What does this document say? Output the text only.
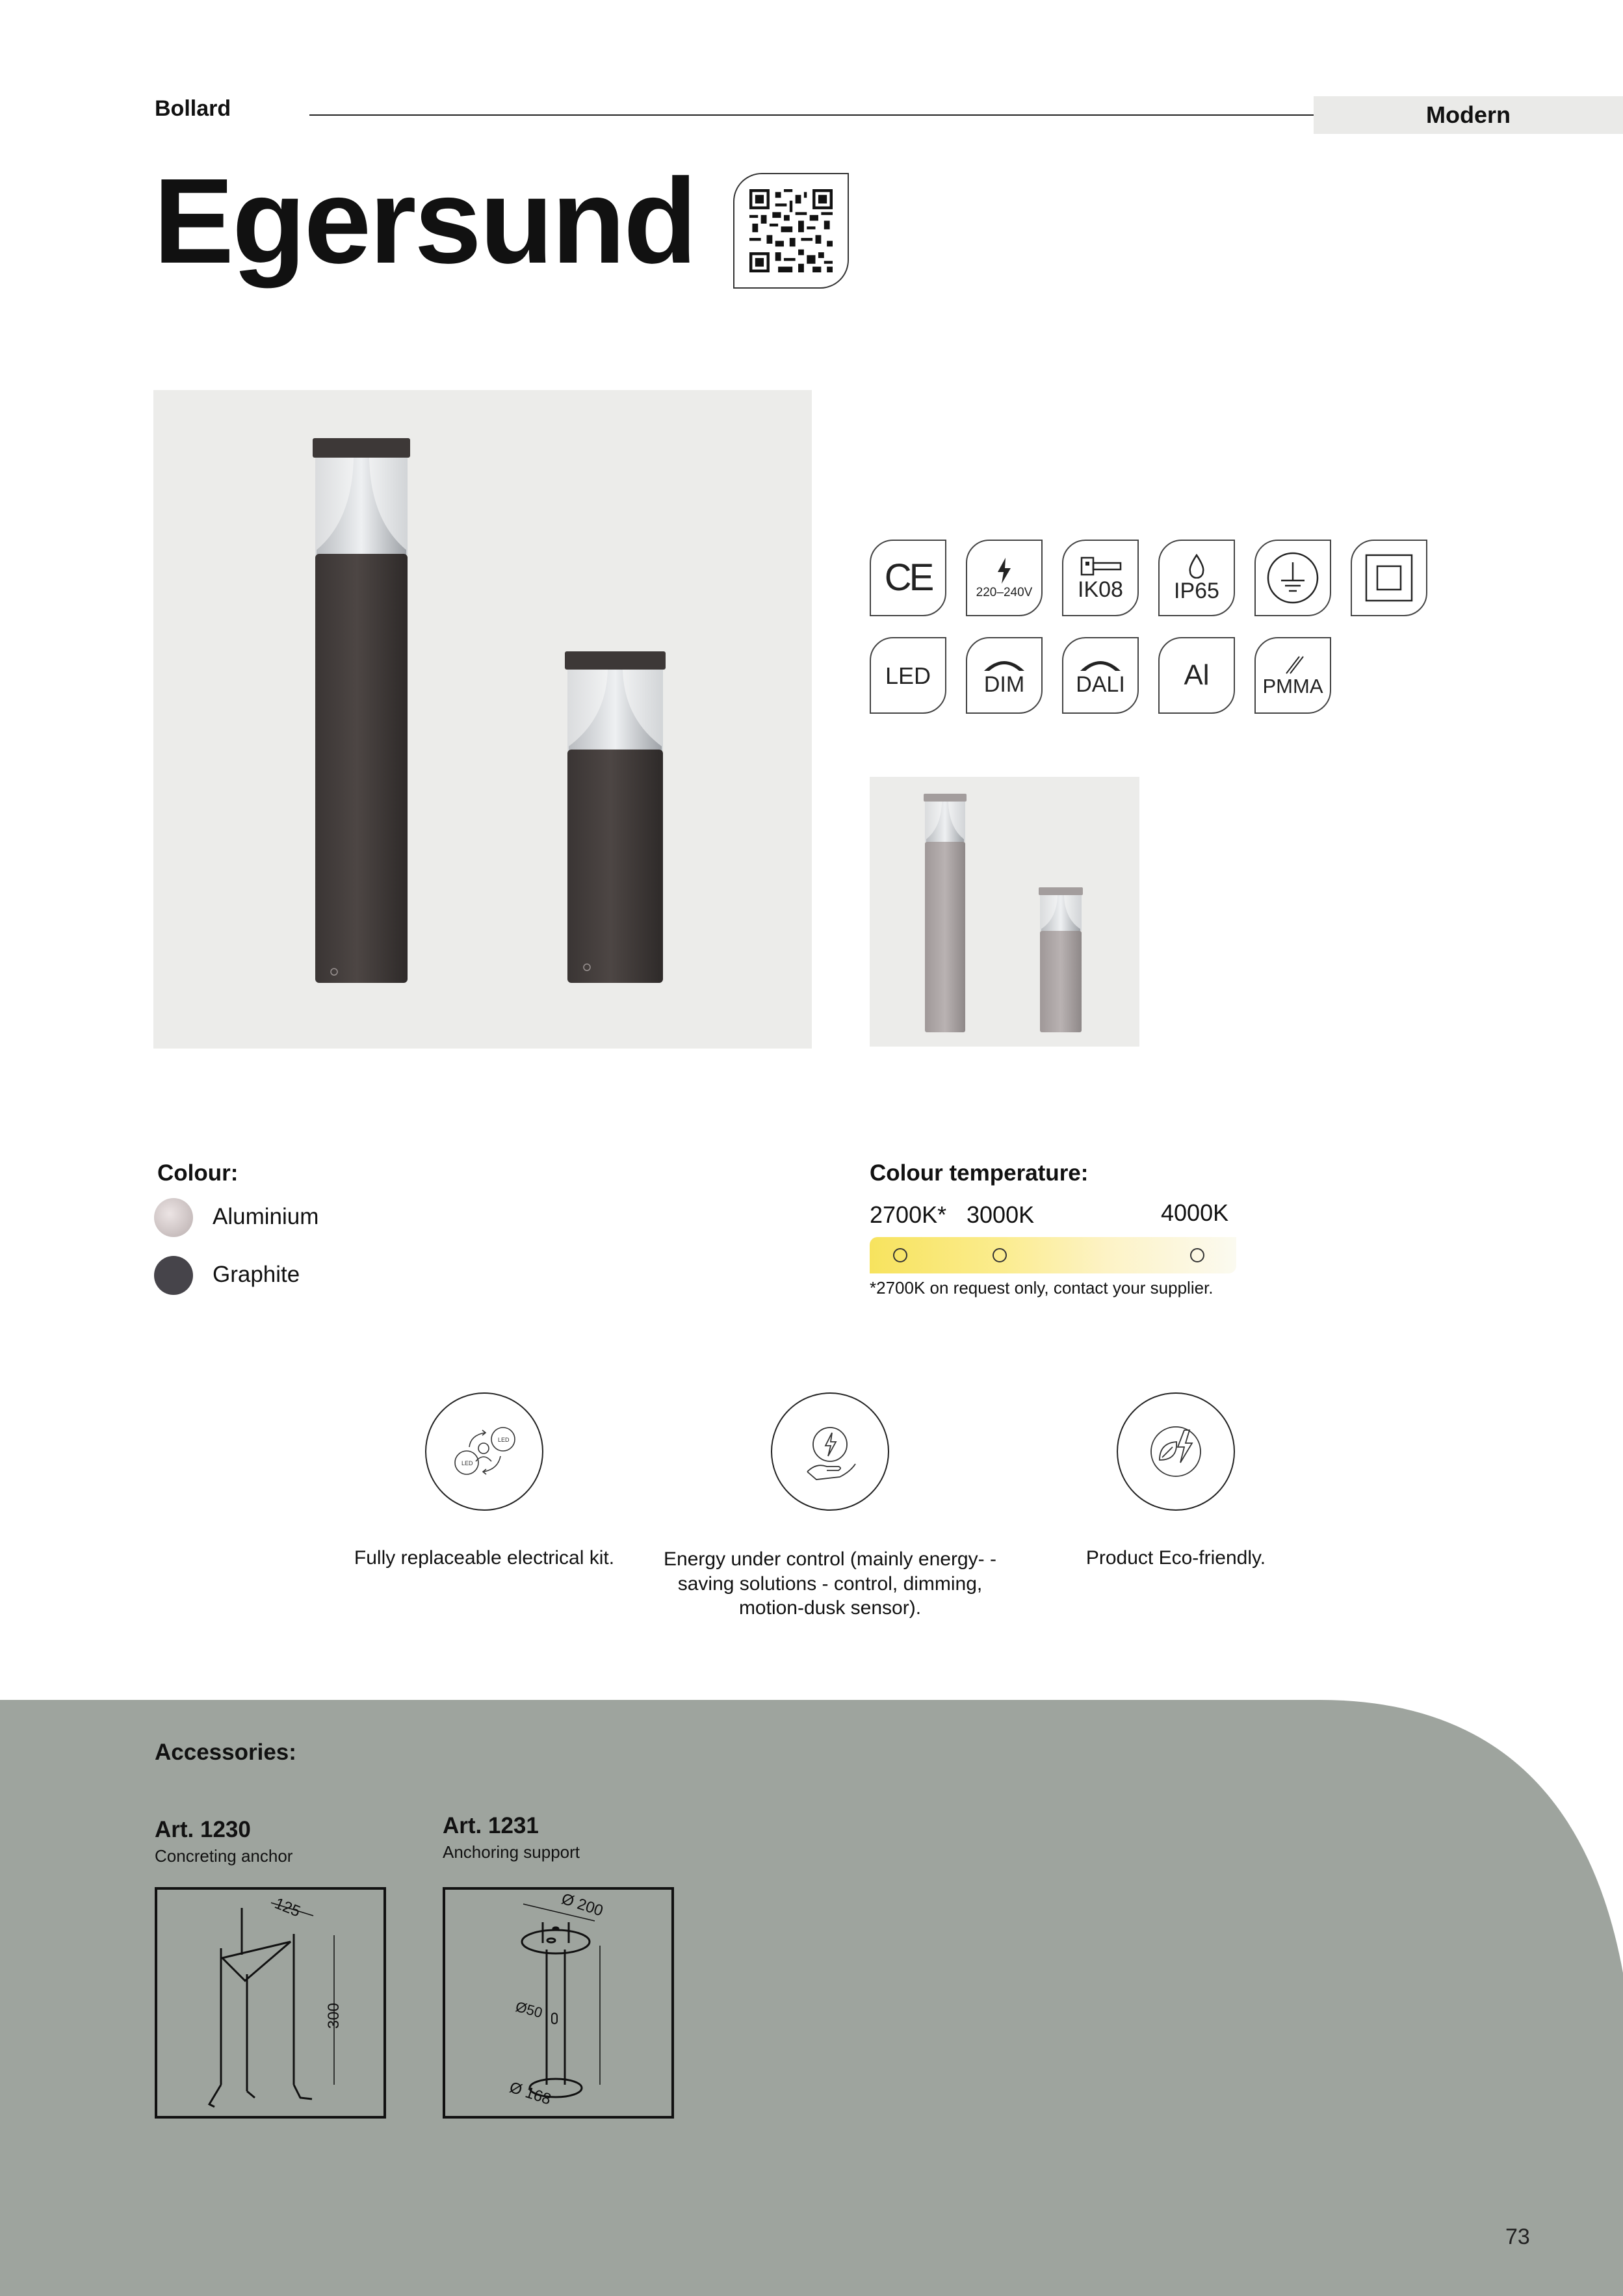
Bollard	Modern
Egersund
CE	220–240V IK08 IP65
LED DIM DALI Al	PMMA
Colour:
Aluminium
Graphite
Colour temperature:
2700K* 3000K	4000K
*2700K on request only, contact your supplier.
LED
LED
Fully replaceable electrical kit.	Energy under control (mainly energy- -saving solutions - control, dimming, motion-dusk sensor).
Product Eco-friendly.
Accessories:
Art. 1230
Concreting anchor
Art. 1231
Anchoring support
125
300
Ø 200
Ø50
Ø 168
73
